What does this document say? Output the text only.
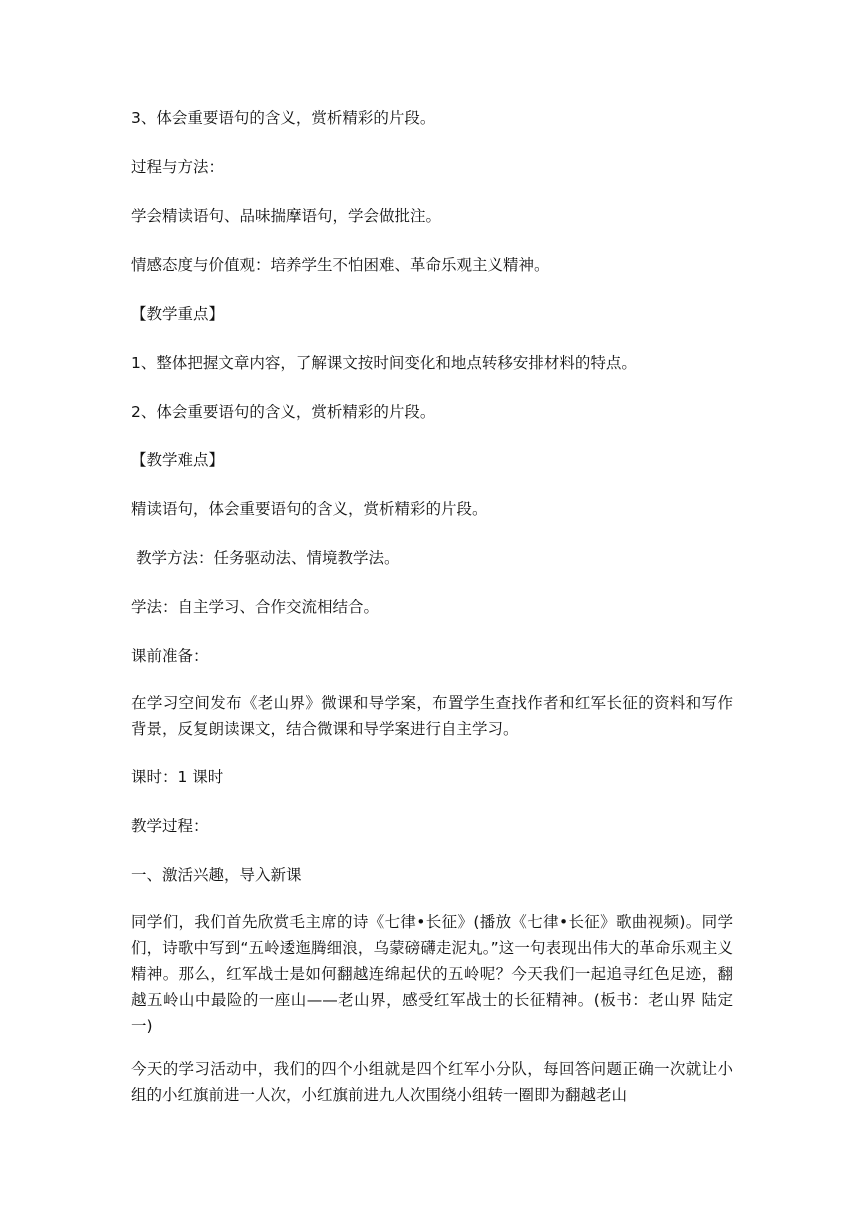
3、体会重要语句的含义，赏析精彩的片段。

过程与方法：

学会精读语句、品味揣摩语句，学会做批注。

情感态度与价值观：培养学生不怕困难、革命乐观主义精神。

【教学重点】

1、整体把握文章内容，了解课文按时间变化和地点转移安排材料的特点。

2、体会重要语句的含义，赏析精彩的片段。

【教学难点】

精读语句，体会重要语句的含义，赏析精彩的片段。

教学方法：任务驱动法、情境教学法。

学法：自主学习、合作交流相结合。

课前准备：

在学习空间发布《老山界》微课和导学案，布置学生查找作者和红军长征的资料和写作背景，反复朗读课文，结合微课和导学案进行自主学习。

课时：1 课时

教学过程：

一、激活兴趣，导入新课

同学们，我们首先欣赏毛主席的诗《七律•长征》(播放《七律•长征》歌曲视频)。同学们，诗歌中写到“五岭逶迤腾细浪，乌蒙磅礴走泥丸。”这一句表现出伟大的革命乐观主义精神。那么，红军战士是如何翻越连绵起伏的五岭呢？今天我们一起追寻红色足迹，翻越五岭山中最险的一座山——老山界，感受红军战士的长征精神。(板书：老山界 陆定一)

今天的学习活动中，我们的四个小组就是四个红军小分队，每回答问题正确一次就让小组的小红旗前进一人次，小红旗前进九人次围绕小组转一圈即为翻越老山
